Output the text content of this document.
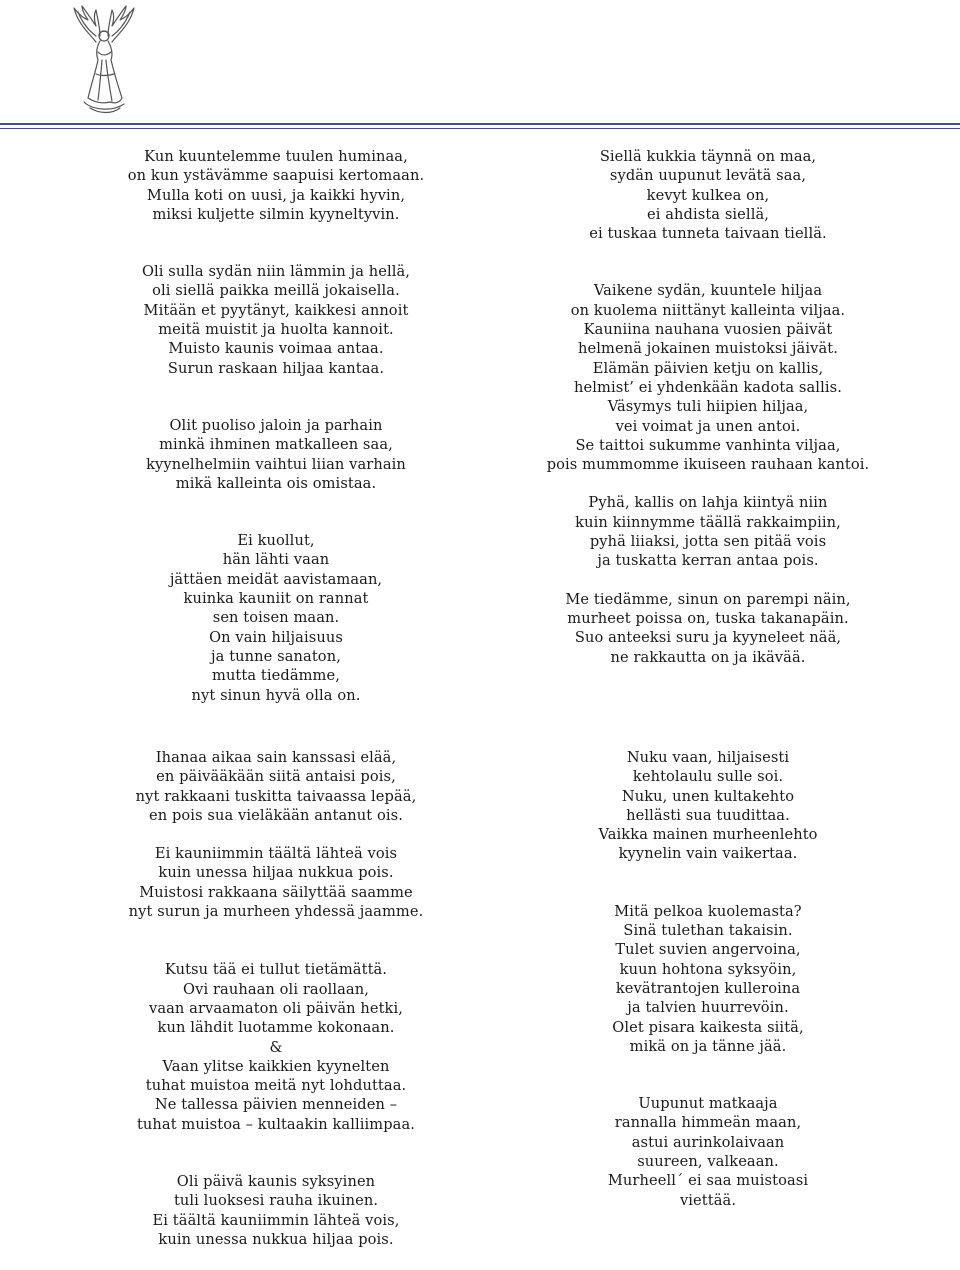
Kun kuuntelemme tuulen huminaa,
on kun ystävämme saapuisi kertomaan.
Mulla koti on uusi, ja kaikki hyvin,
miksi kuljette silmin kyyneltyvin.
Oli sulla sydän niin lämmin ja hellä,
oli siellä paikka meillä jokaisella.
Mitään et pyytänyt, kaikkesi annoit
meitä muistit ja huolta kannoit.
Muisto kaunis voimaa antaa.
Surun raskaan hiljaa kantaa.
Olit puoliso jaloin ja parhain
minkä ihminen matkalleen saa,
kyynelhelmiin vaihtui liian varhain
mikä kalleinta ois omistaa.
Ei kuollut,
hän lähti vaan
jättäen meidät aavistamaan,
kuinka kauniit on rannat
sen toisen maan.
On vain hiljaisuus
ja tunne sanaton,
mutta tiedämme,
nyt sinun hyvä olla on.
Siellä kukkia täynnä on maa,
sydän uupunut levätä saa,
kevyt kulkea on,
ei ahdista siellä,
ei tuskaa tunneta taivaan tiellä.
Vaikene sydän, kuuntele hiljaa
on kuolema niittänyt kalleinta viljaa.
Kauniina nauhana vuosien päivät
helmenä jokainen muistoksi jäivät.
Elämän päivien ketju on kallis,
helmist’ ei yhdenkään kadota sallis.
Väsymys tuli hiipien hiljaa,
vei voimat ja unen antoi.
Se taittoi sukumme vanhinta viljaa,
pois mummomme ikuiseen rauhaan kantoi.
Pyhä, kallis on lahja kiintyä niin
kuin kiinnymme täällä rakkaimpiin,
pyhä liiaksi, jotta sen pitää vois
ja tuskatta kerran antaa pois.
Me tiedämme, sinun on parempi näin,
murheet poissa on, tuska takanapäin.
Suo anteeksi suru ja kyyneleet nää,
ne rakkautta on ja ikävää.
Ihanaa aikaa sain kanssasi elää,
en päivääkään siitä antaisi pois,
nyt rakkaani tuskitta taivaassa lepää,
en pois sua vieläkään antanut ois.
Ei kauniimmin täältä lähteä vois
kuin unessa hiljaa nukkua pois.
Muistosi rakkaana säilyttää saamme
nyt surun ja murheen yhdessä jaamme.
Kutsu tää ei tullut tietämättä.
Ovi rauhaan oli raollaan,
vaan arvaamaton oli päivän hetki,
kun lähdit luotamme kokonaan.
&
Vaan ylitse kaikkien kyynelten
tuhat muistoa meitä nyt lohduttaa.
Ne tallessa päivien menneiden –
tuhat muistoa – kultaakin kalliimpaa.
Oli päivä kaunis syksyinen
tuli luoksesi rauha ikuinen.
Ei täältä kauniimmin lähteä vois,
kuin unessa nukkua hiljaa pois.
Nuku vaan, hiljaisesti
kehtolaulu sulle soi.
Nuku, unen kultakehto
hellästi sua tuudittaa.
Vaikka mainen murheenlehto
kyynelin vain vaikertaa.
Mitä pelkoa kuolemasta?
Sinä tulethan takaisin.
Tulet suvien angervoina,
kuun hohtona syksyöin,
kevätrantojen kulleroina
ja talvien huurrevöin.
Olet pisara kaikesta siitä,
mikä on ja tänne jää.
Uupunut matkaaja
rannalla himmeän maan,
astui aurinkolaivaan
suureen, valkeaan.
Murheell´ ei saa muistoasi
viettää.
